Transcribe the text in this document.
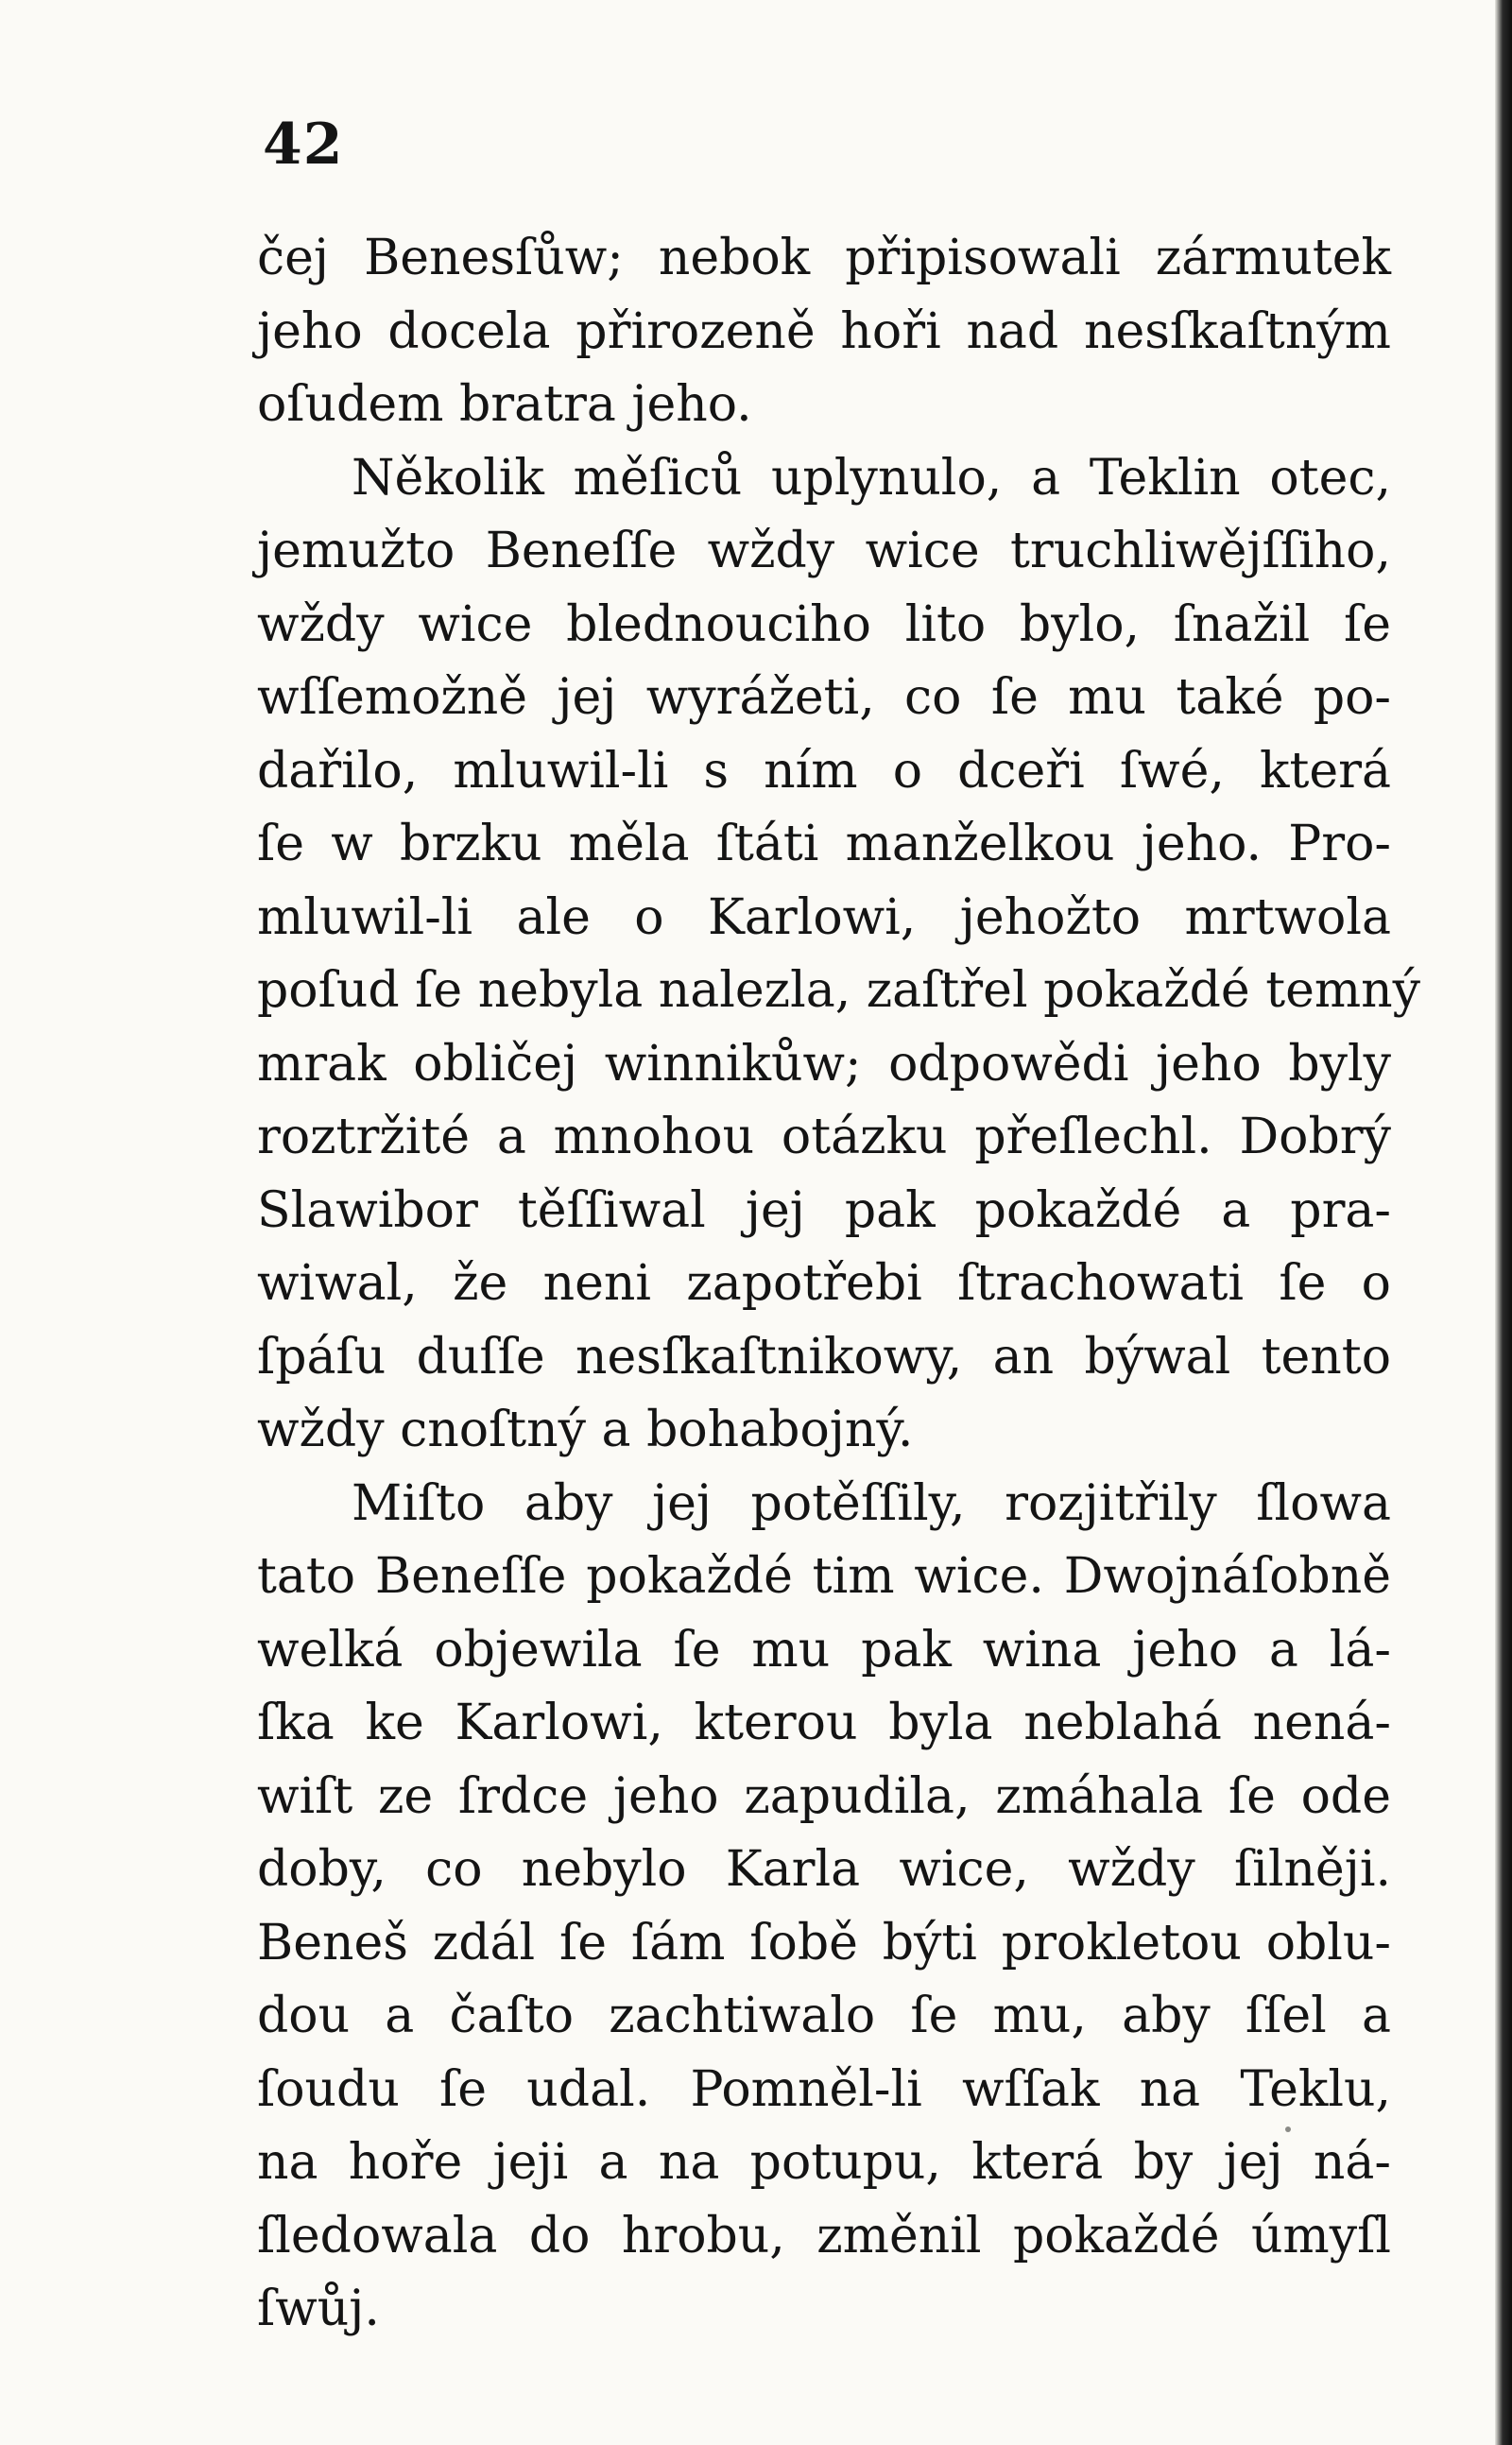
42
čej Benesſůw; nebok připisowali zármutek
jeho docela přirozeně hoři nad nesſkaſtným
oſudem bratra jeho.
Několik měſiců uplynulo, a Teklin otec,
jemužto Beneſſe wždy wice truchliwějſſiho,
wždy wice blednouciho lito bylo, ſnažil ſe
wſſemožně jej wyrážeti, co ſe mu také po-
dařilo, mluwil-li s ním o dceři ſwé, která
ſe w brzku měla ſtáti manželkou jeho. Pro-
mluwil-li ale o Karlowi, jehožto mrtwola
poſud ſe nebyla nalezla, zaſtřel pokaždé temný
mrak obličej winnikůw; odpowědi jeho byly
roztržité a mnohou otázku přeſlechl. Dobrý
Slawibor těſſiwal jej pak pokaždé a pra-
wiwal, že neni zapotřebi ſtrachowati ſe o
ſpáſu duſſe nesſkaſtnikowy, an býwal tento
wždy cnoſtný a bohabojný.
Miſto aby jej potěſſily, rozjitřily ſlowa
tato Beneſſe pokaždé tim wice. Dwojnáſobně
welká objewila ſe mu pak wina jeho a lá-
ſka ke Karlowi, kterou byla neblahá nená-
wiſt ze ſrdce jeho zapudila, zmáhala ſe ode
doby, co nebylo Karla wice, wždy ſilněji.
Beneš zdál ſe ſám ſobě býti prokletou oblu-
dou a čaſto zachtiwalo ſe mu, aby ſſel a
ſoudu ſe udal. Pomněl-li wſſak na Teklu,
na hoře jeji a na potupu, která by jej ná-
ſledowala do hrobu, změnil pokaždé úmyſl
ſwůj.
